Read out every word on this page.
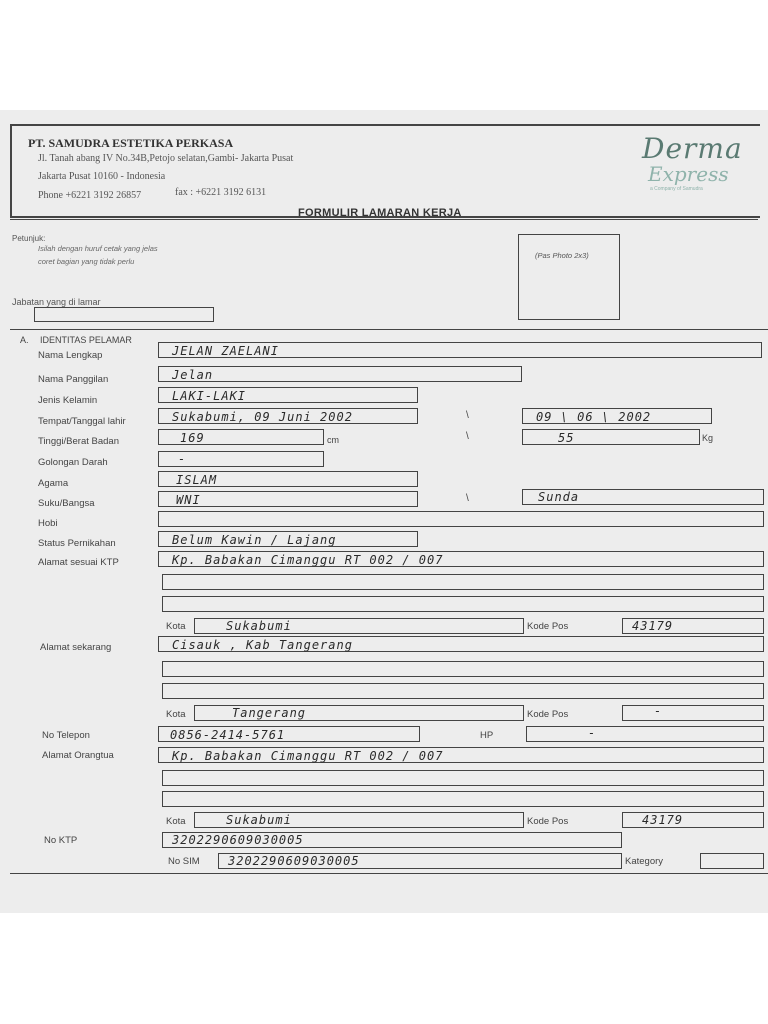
PT. SAMUDRA ESTETIKA PERKASA
Jl. Tanah abang IV No.34B,Petojo selatan,Gambi- Jakarta Pusat
Jakarta Pusat 10160 - Indonesia
Phone +6221 3192 26857	fax : +6221 3192 6131
Derma
Express
a Company of Samudra
FORMULIR LAMARAN KERJA
Petunjuk:
Isilah dengan huruf cetak yang jelas
coret bagian yang tidak perlu
(Pas Photo 2x3)
Jabatan yang di lamar
A. IDENTITAS PELAMAR
Nama Lengkap	JELAN ZAELANI
Nama Panggilan	Jelan
Jenis Kelamin	LAKI-LAKI
Tempat/Tanggal lahir	Sukabumi, 09 Juni 2002	\	09 \ 06 \ 2002
Tinggi/Berat Badan	169	cm	\	55	Kg
Golongan Darah	-
Agama	ISLAM
Suku/Bangsa	WNI	\	Sunda
Hobi
Status Pernikahan	Belum Kawin / Lajang
Alamat sesuai KTP	Kp. Babakan Cimanggu RT 002 / 007
Kota	Sukabumi	Kode Pos	43179
Alamat sekarang	Cisauk , Kab Tangerang
Kota	Tangerang	Kode Pos	-
No Telepon	0856-2414-5761	HP	-
Alamat Orangtua	Kp. Babakan Cimanggu RT 002 / 007
Kota	Sukabumi	Kode Pos	43179
No KTP	3202290609030005
No SIM 3202290609030005	Kategory
